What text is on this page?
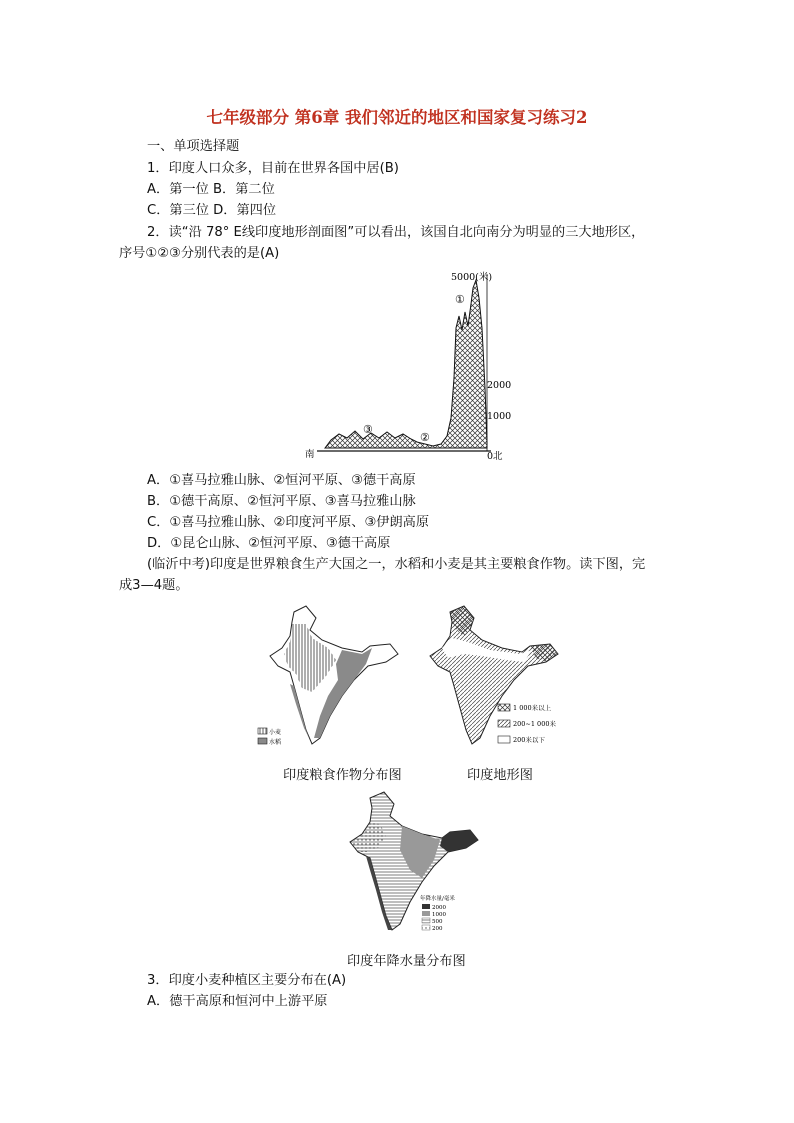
七年级部分 第6章 我们邻近的地区和国家复习练习2
一、单项选择题
1．印度人口众多，目前在世界各国中居(B)
A．第一位 B．第二位
C．第三位 D．第四位
2．读“沿 78° E线印度地形剖面图”可以看出，该国自北向南分为明显的三大地形区，
序号①②③分别代表的是(A)
5000(米)
2000
1000
0北
南
①
②
③
A．①喜马拉雅山脉、②恒河平原、③德干高原
B．①德干高原、②恒河平原、③喜马拉雅山脉
C．①喜马拉雅山脉、②印度河平原、③伊朗高原
D．①昆仑山脉、②恒河平原、③德干高原
(临沂中考)印度是世界粮食生产大国之一，水稻和小麦是其主要粮食作物。读下图，完
成3—4题。
小麦
水稻
1 000米以上
200~1 000米
200米以下
印度粮食作物分布图	印度地形图
年降水量/毫米
2000
1000
500
200
印度年降水量分布图
3．印度小麦种植区主要分布在(A)
A．德干高原和恒河中上游平原
